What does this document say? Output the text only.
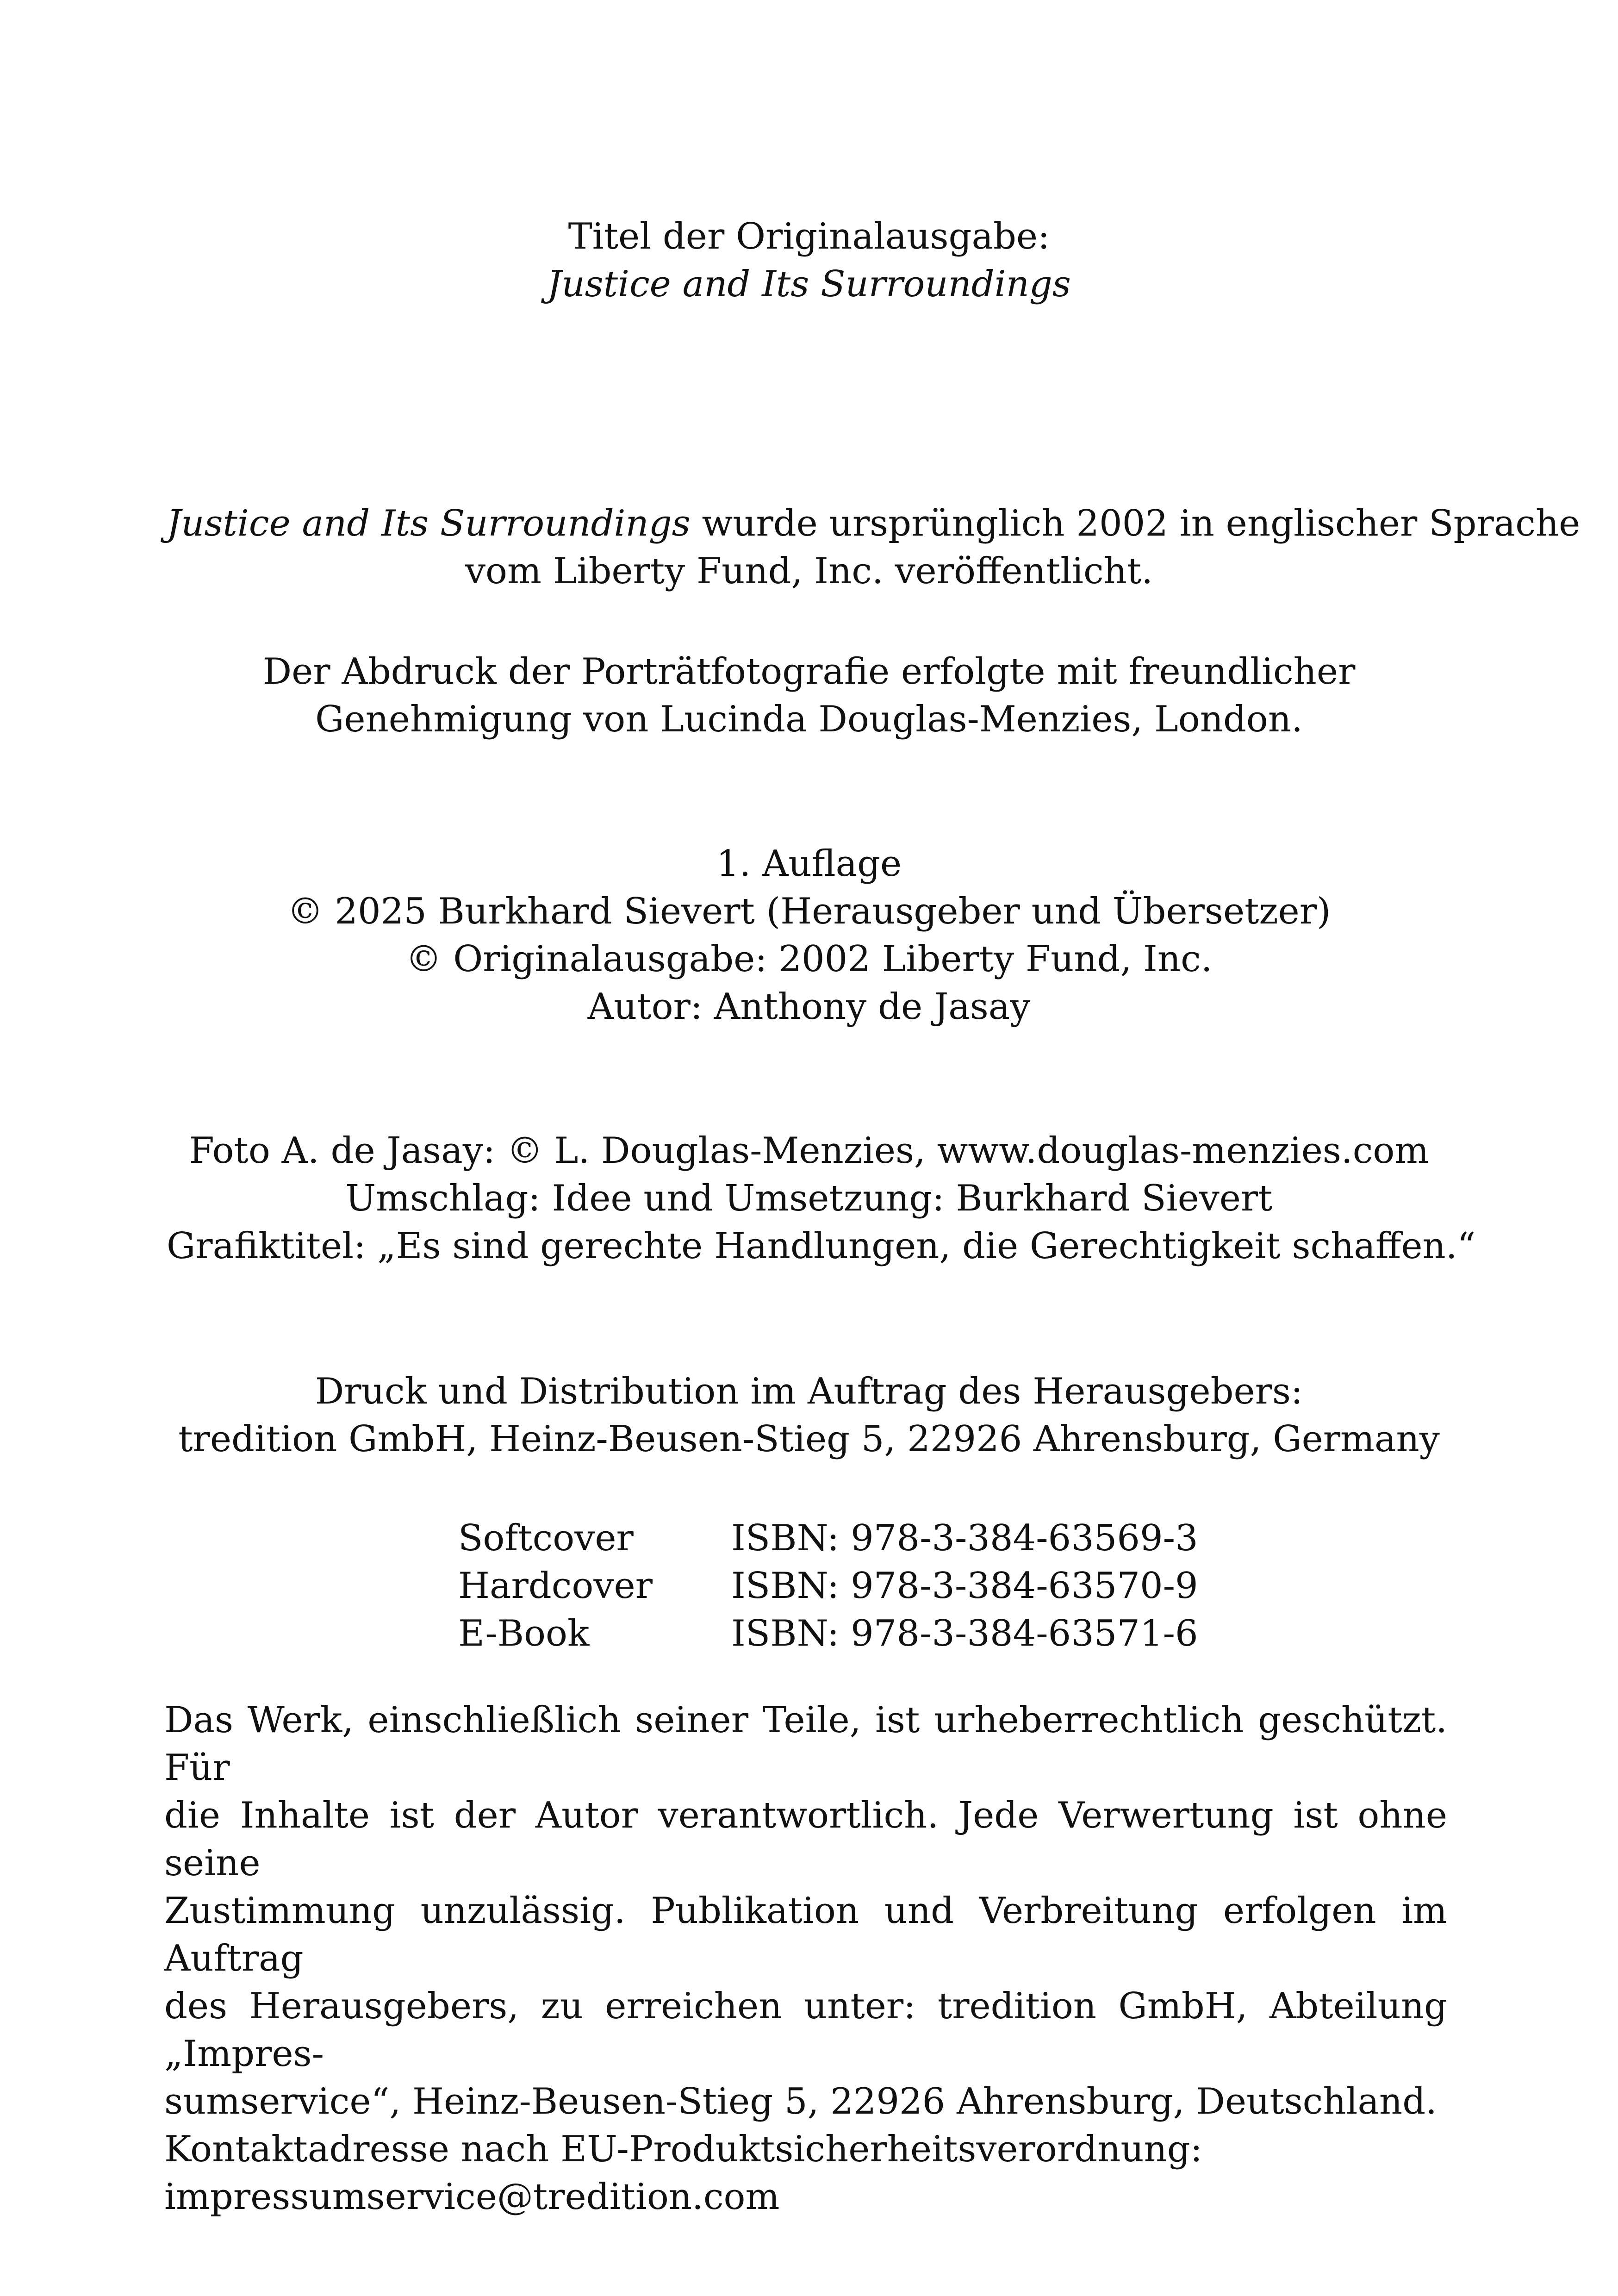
Titel der Originalausgabe:
Justice and Its Surroundings
Justice and Its Surroundings wurde ursprünglich 2002 in englischer Sprache
vom Liberty Fund, Inc. veröffentlicht.
Der Abdruck der Porträtfotografie erfolgte mit freundlicher
Genehmigung von Lucinda Douglas-Menzies, London.
1. Auflage
© 2025 Burkhard Sievert (Herausgeber und Übersetzer)
© Originalausgabe: 2002 Liberty Fund, Inc.
Autor: Anthony de Jasay
Foto A. de Jasay: © L. Douglas-Menzies, www.douglas-menzies.com
Umschlag: Idee und Umsetzung: Burkhard Sievert
Grafiktitel: „Es sind gerechte Handlungen, die Gerechtigkeit schaffen.“
Druck und Distribution im Auftrag des Herausgebers:
tredition GmbH, Heinz-Beusen-Stieg 5, 22926 Ahrensburg, Germany
Softcover	ISBN: 978-3-384-63569-3
Hardcover	ISBN: 978-3-384-63570-9
E-Book	ISBN: 978-3-384-63571-6
Das Werk, einschließlich seiner Teile, ist urheberrechtlich geschützt. Für
die Inhalte ist der Autor verantwortlich. Jede Verwertung ist ohne seine
Zustimmung unzulässig. Publikation und Verbreitung erfolgen im Auftrag
des Herausgebers, zu erreichen unter: tredition GmbH, Abteilung „Impres-
sumservice“, Heinz-Beusen-Stieg 5, 22926 Ahrensburg, Deutschland.
Kontaktadresse nach EU-Produktsicherheitsverordnung:
impressumservice@tredition.com
